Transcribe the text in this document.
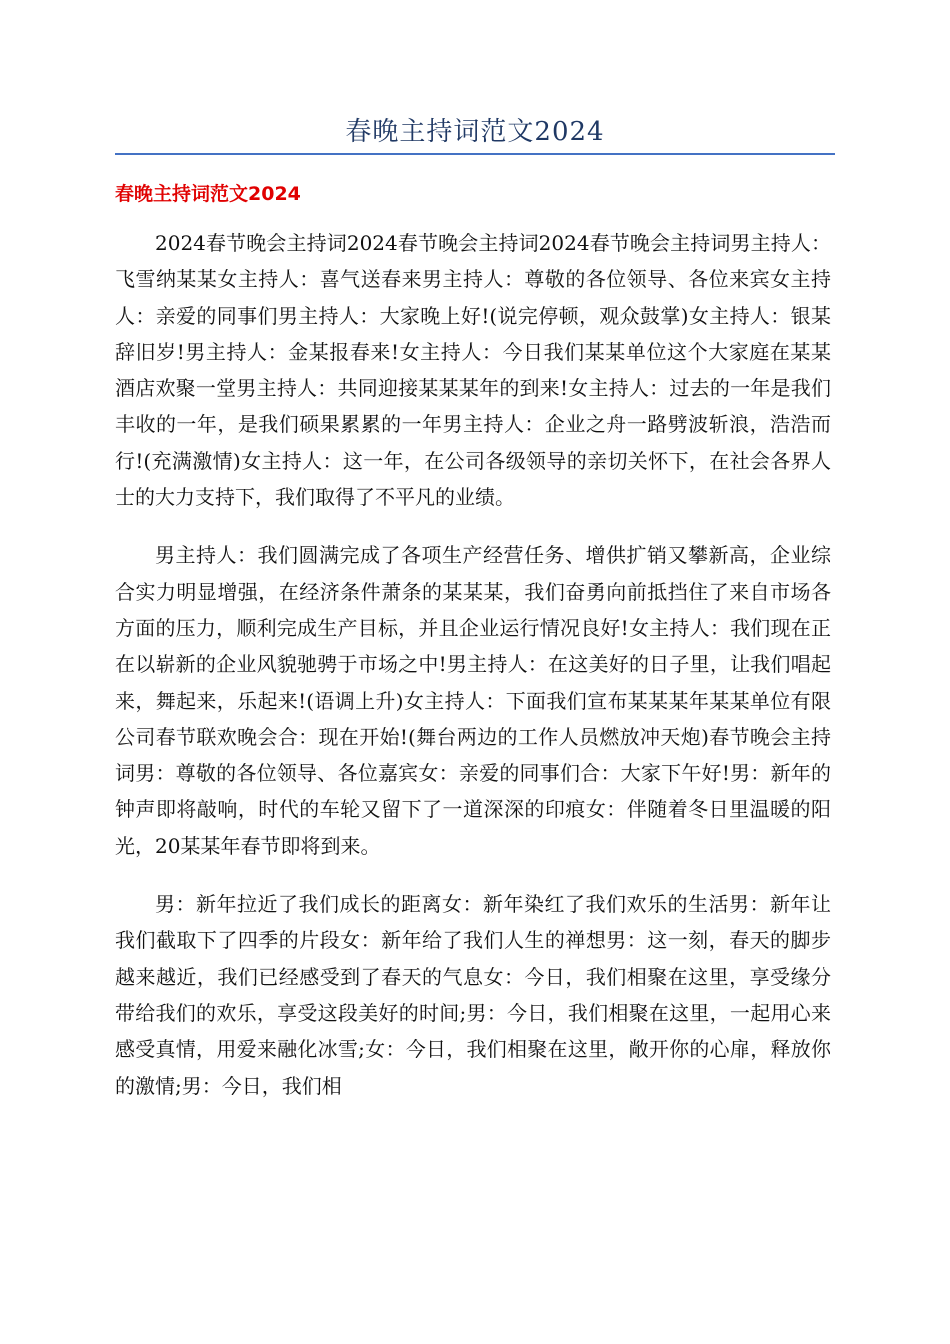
春晚主持词范文2024
春晚主持词范文2024

2024春节晚会主持词2024春节晚会主持词2024春节晚会主持词男主持人：飞雪纳某某女主持人：喜气送春来男主持人：尊敬的各位领导、各位来宾女主持人：亲爱的同事们男主持人：大家晚上好!(说完停顿，观众鼓掌)女主持人：银某辞旧岁!男主持人：金某报春来!女主持人：今日我们某某单位这个大家庭在某某酒店欢聚一堂男主持人：共同迎接某某某年的到来!女主持人：过去的一年是我们丰收的一年，是我们硕果累累的一年男主持人：企业之舟一路劈波斩浪，浩浩而行!(充满激情)女主持人：这一年，在公司各级领导的亲切关怀下，在社会各界人士的大力支持下，我们取得了不平凡的业绩。

男主持人：我们圆满完成了各项生产经营任务、增供扩销又攀新高，企业综合实力明显增强，在经济条件萧条的某某某，我们奋勇向前抵挡住了来自市场各方面的压力，顺利完成生产目标，并且企业运行情况良好!女主持人：我们现在正在以崭新的企业风貌驰骋于市场之中!男主持人：在这美好的日子里，让我们唱起来，舞起来，乐起来!(语调上升)女主持人：下面我们宣布某某某年某某单位有限公司春节联欢晚会合：现在开始!(舞台两边的工作人员燃放冲天炮)春节晚会主持词男：尊敬的各位领导、各位嘉宾女：亲爱的同事们合：大家下午好!男：新年的钟声即将敲响，时代的车轮又留下了一道深深的印痕女：伴随着冬日里温暖的阳光，20某某年春节即将到来。

男：新年拉近了我们成长的距离女：新年染红了我们欢乐的生活男：新年让我们截取下了四季的片段女：新年给了我们人生的禅想男：这一刻，春天的脚步越来越近，我们已经感受到了春天的气息女：今日，我们相聚在这里，享受缘分带给我们的欢乐，享受这段美好的时间;男：今日，我们相聚在这里，一起用心来感受真情，用爱来融化冰雪;女：今日，我们相聚在这里，敞开你的心扉，释放你的激情;男：今日，我们相
